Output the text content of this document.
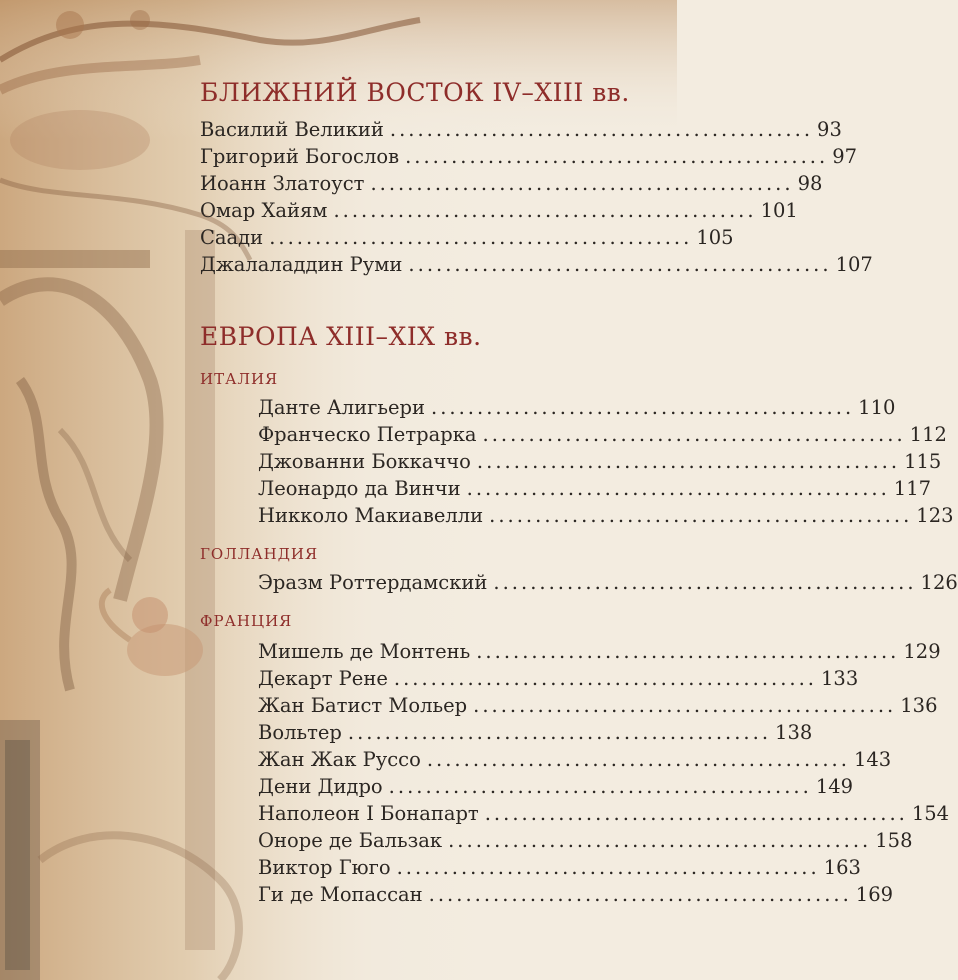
БЛИЖНИЙ ВОСТОК IV–XIII вв.
Василий Великий .............................................. 93
Григорий Богослов .............................................. 97
Иоанн Златоуст .............................................. 98
Омар Хайям .............................................. 101
Саади .............................................. 105
Джалаладдин Руми .............................................. 107
ЕВРОПА XIII–XIX вв.
ИТАЛИЯ
Данте Алигьери .............................................. 110
Франческо Петрарка .............................................. 112
Джованни Боккаччо .............................................. 115
Леонардо да Винчи .............................................. 117
Никколо Макиавелли .............................................. 123
ГОЛЛАНДИЯ
Эразм Роттердамский .............................................. 126
ФРАНЦИЯ
Мишель де Монтень .............................................. 129
Декарт Рене .............................................. 133
Жан Батист Мольер .............................................. 136
Вольтер .............................................. 138
Жан Жак Руссо .............................................. 143
Дени Дидро .............................................. 149
Наполеон I Бонапарт .............................................. 154
Оноре де Бальзак .............................................. 158
Виктор Гюго .............................................. 163
Ги де Мопассан .............................................. 169
